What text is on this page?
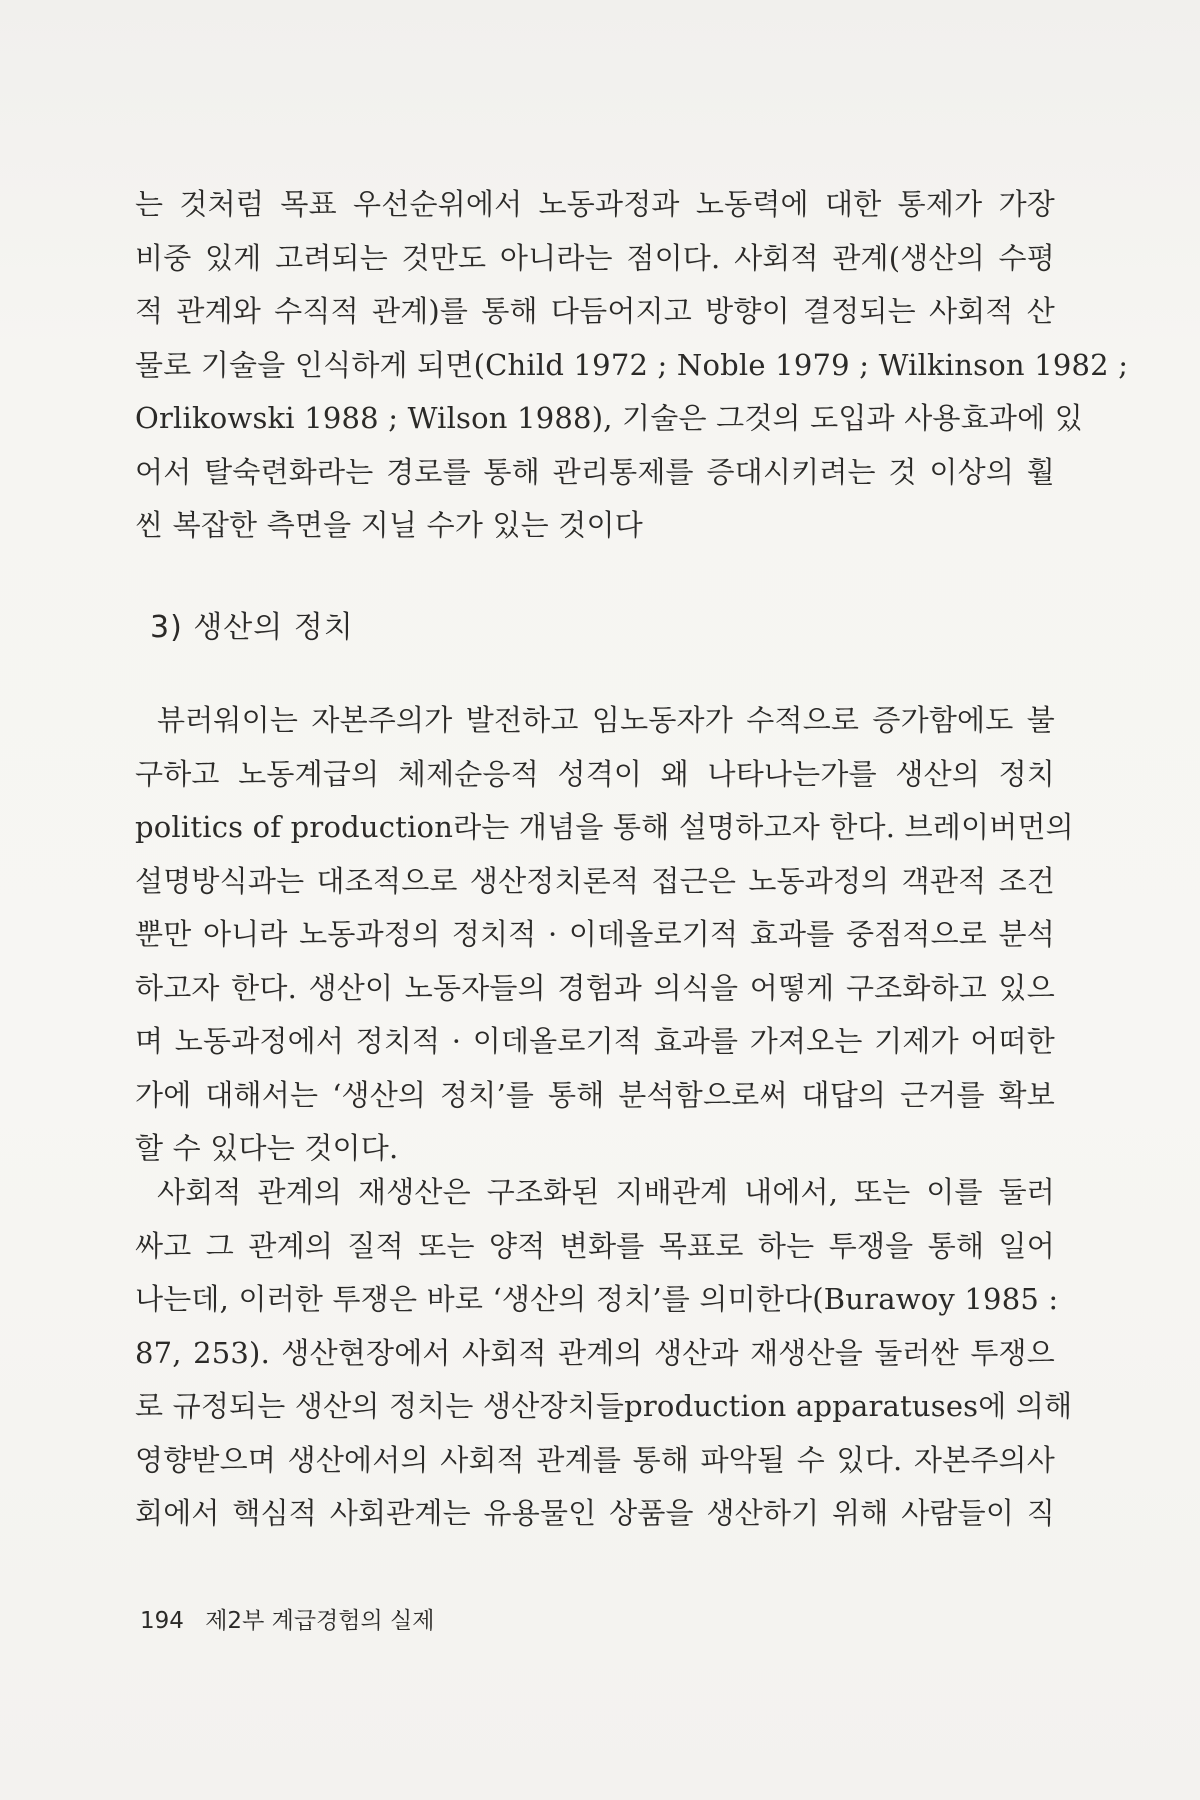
는 것처럼 목표 우선순위에서 노동과정과 노동력에 대한 통제가 가장
비중 있게 고려되는 것만도 아니라는 점이다. 사회적 관계(생산의 수평
적 관계와 수직적 관계)를 통해 다듬어지고 방향이 결정되는 사회적 산
물로 기술을 인식하게 되면(Child 1972 ; Noble 1979 ; Wilkinson 1982 ;
Orlikowski 1988 ; Wilson 1988), 기술은 그것의 도입과 사용효과에 있
어서 탈숙련화라는 경로를 통해 관리통제를 증대시키려는 것 이상의 훨
씬 복잡한 측면을 지닐 수가 있는 것이다
3) 생산의 정치
뷰러워이는 자본주의가 발전하고 임노동자가 수적으로 증가함에도 불
구하고 노동계급의 체제순응적 성격이 왜 나타나는가를 생산의 정치
politics of production라는 개념을 통해 설명하고자 한다. 브레이버먼의
설명방식과는 대조적으로 생산정치론적 접근은 노동과정의 객관적 조건
뿐만 아니라 노동과정의 정치적 · 이데올로기적 효과를 중점적으로 분석
하고자 한다. 생산이 노동자들의 경험과 의식을 어떻게 구조화하고 있으
며 노동과정에서 정치적 · 이데올로기적 효과를 가져오는 기제가 어떠한
가에 대해서는 ‘생산의 정치’를 통해 분석함으로써 대답의 근거를 확보
할 수 있다는 것이다.
사회적 관계의 재생산은 구조화된 지배관계 내에서, 또는 이를 둘러
싸고 그 관계의 질적 또는 양적 변화를 목표로 하는 투쟁을 통해 일어
나는데, 이러한 투쟁은 바로 ‘생산의 정치’를 의미한다(Burawoy 1985 :
87, 253). 생산현장에서 사회적 관계의 생산과 재생산을 둘러싼 투쟁으
로 규정되는 생산의 정치는 생산장치들production apparatuses에 의해
영향받으며 생산에서의 사회적 관계를 통해 파악될 수 있다. 자본주의사
회에서 핵심적 사회관계는 유용물인 상품을 생산하기 위해 사람들이 직
194 제2부 계급경험의 실제
